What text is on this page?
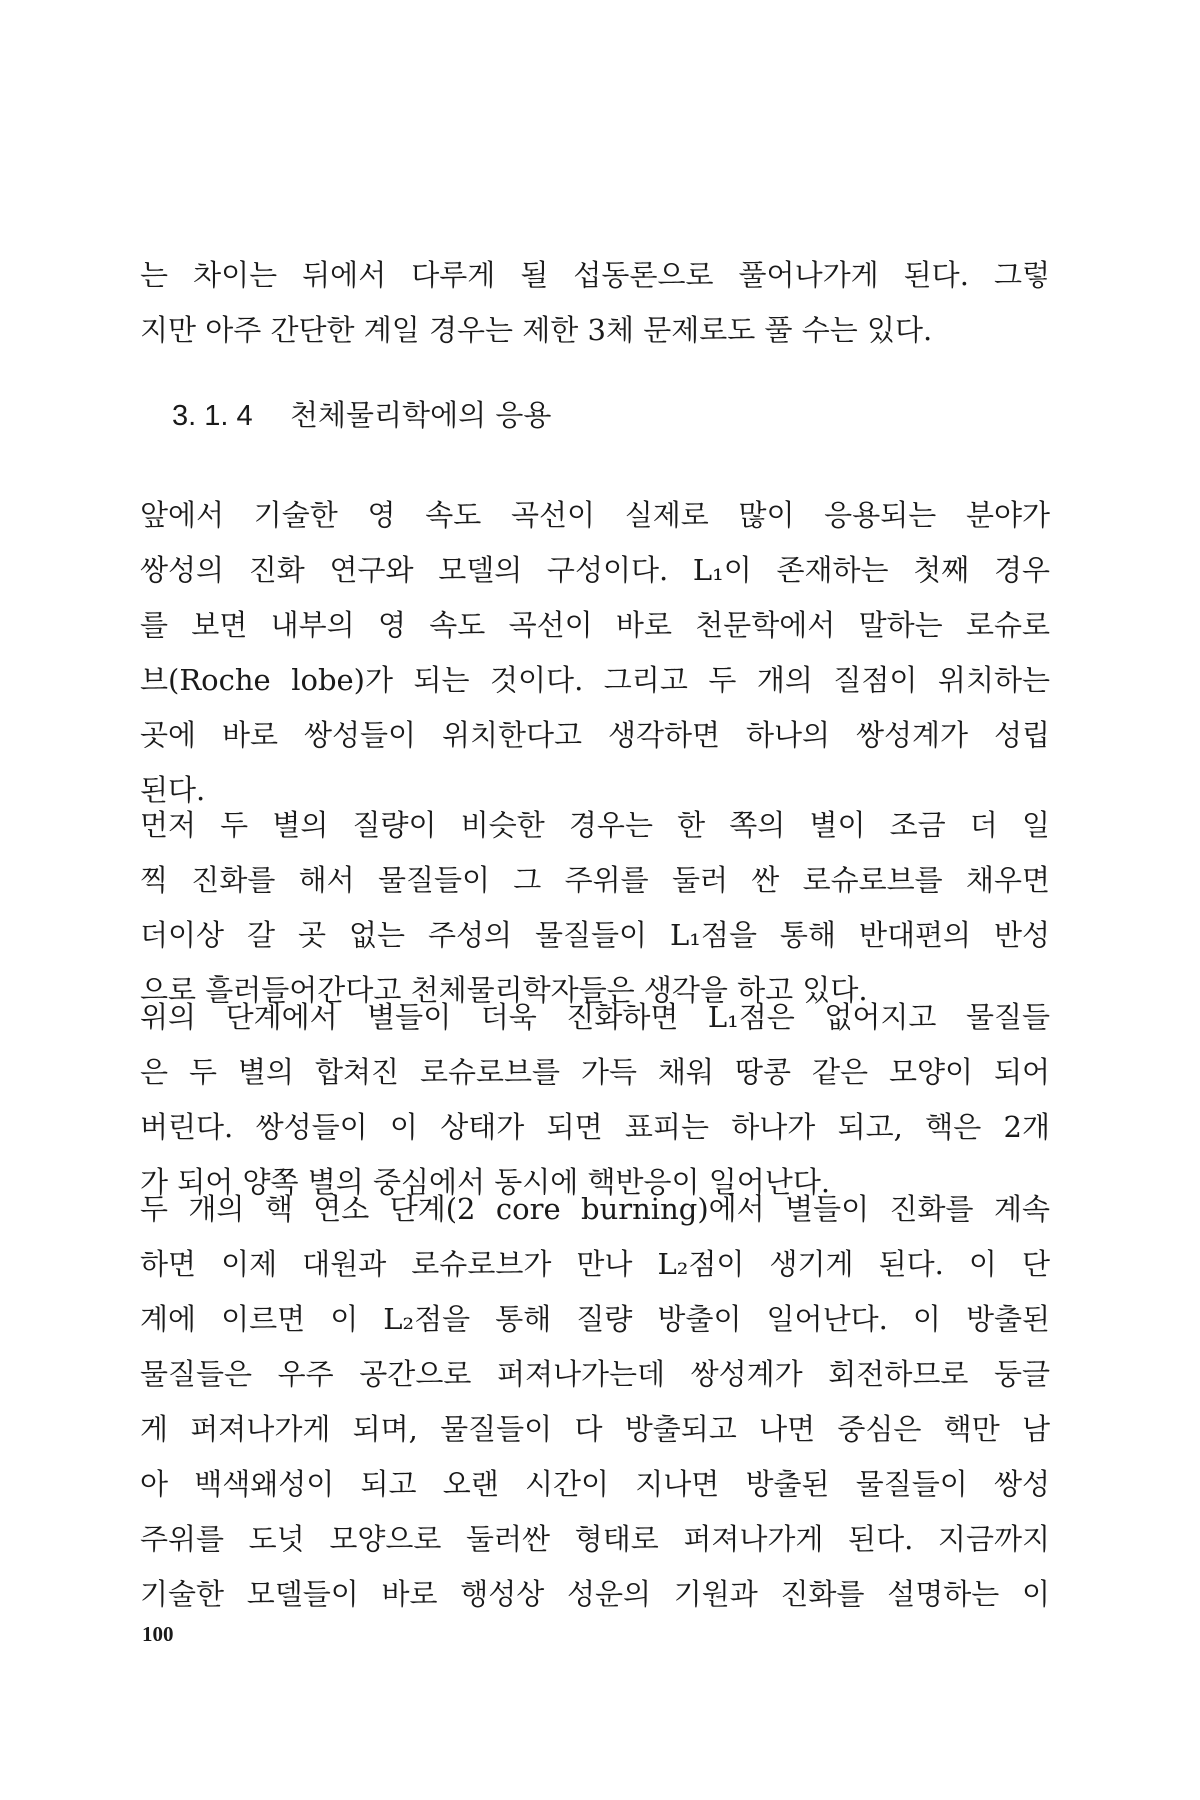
는 차이는 뒤에서 다루게 될 섭동론으로 풀어나가게 된다. 그렇
지만 아주 간단한 계일 경우는 제한 3체 문제로도 풀 수는 있다.
3. 1. 4 천체물리학에의 응용
앞에서 기술한 영 속도 곡선이 실제로 많이 응용되는 분야가
쌍성의 진화 연구와 모델의 구성이다. L₁이 존재하는 첫째 경우
를 보면 내부의 영 속도 곡선이 바로 천문학에서 말하는 로슈로
브(Roche lobe)가 되는 것이다. 그리고 두 개의 질점이 위치하는
곳에 바로 쌍성들이 위치한다고 생각하면 하나의 쌍성계가 성립
된다.
먼저 두 별의 질량이 비슷한 경우는 한 쪽의 별이 조금 더 일
찍 진화를 해서 물질들이 그 주위를 둘러 싼 로슈로브를 채우면
더이상 갈 곳 없는 주성의 물질들이 L₁점을 통해 반대편의 반성
으로 흘러들어간다고 천체물리학자들은 생각을 하고 있다.
위의 단계에서 별들이 더욱 진화하면 L₁점은 없어지고 물질들
은 두 별의 합쳐진 로슈로브를 가득 채워 땅콩 같은 모양이 되어
버린다. 쌍성들이 이 상태가 되면 표피는 하나가 되고, 핵은 2개
가 되어 양쪽 별의 중심에서 동시에 핵반응이 일어난다.
두 개의 핵 연소 단계(2 core burning)에서 별들이 진화를 계속
하면 이제 대원과 로슈로브가 만나 L₂점이 생기게 된다. 이 단
계에 이르면 이 L₂점을 통해 질량 방출이 일어난다. 이 방출된
물질들은 우주 공간으로 퍼져나가는데 쌍성계가 회전하므로 둥글
게 퍼져나가게 되며, 물질들이 다 방출되고 나면 중심은 핵만 남
아 백색왜성이 되고 오랜 시간이 지나면 방출된 물질들이 쌍성
주위를 도넛 모양으로 둘러싼 형태로 퍼져나가게 된다. 지금까지
기술한 모델들이 바로 행성상 성운의 기원과 진화를 설명하는 이
100
